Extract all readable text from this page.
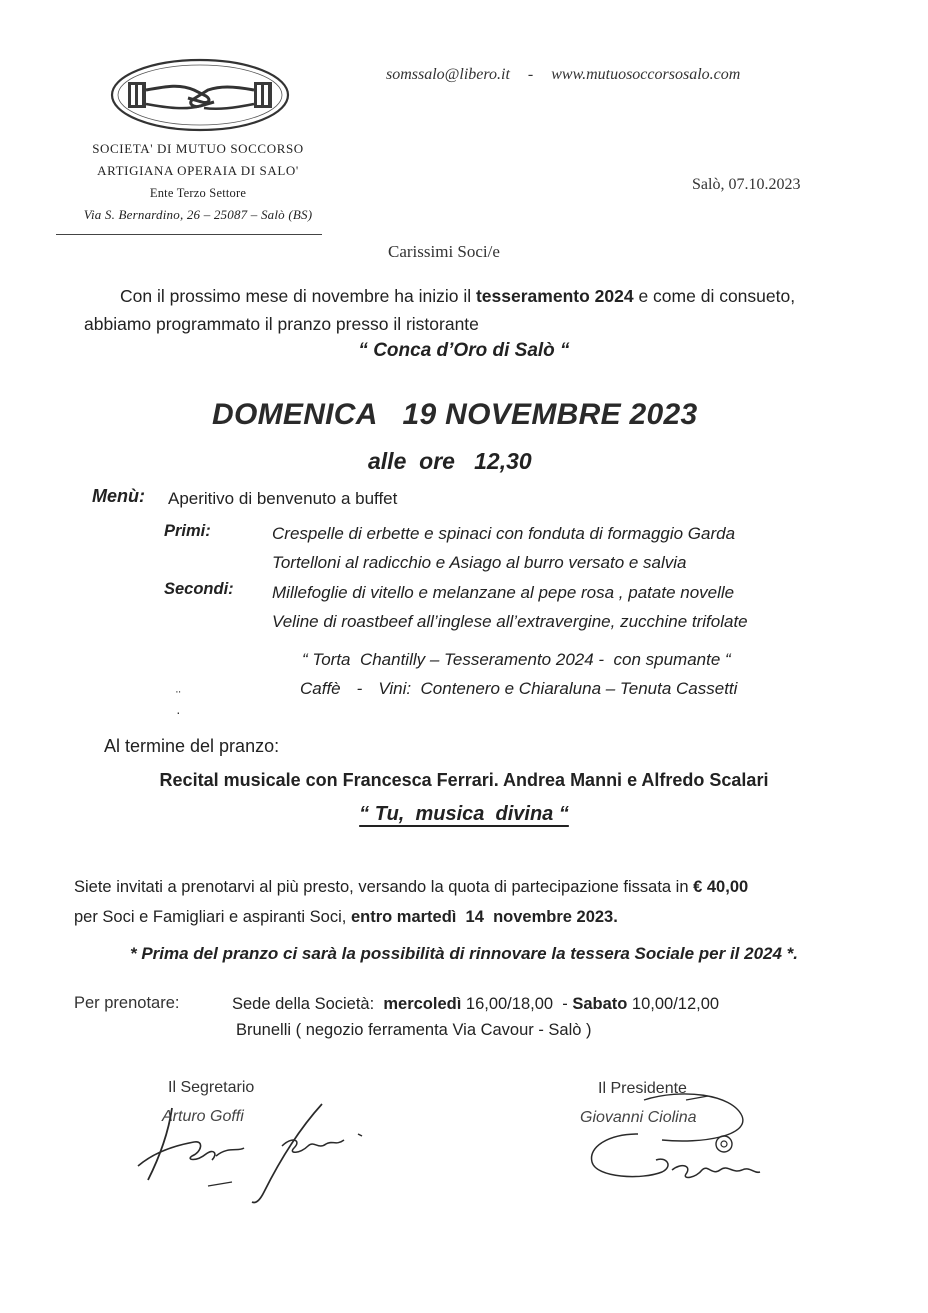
somssalo@libero.it - www.mutuosoccorsosalo.com
SOCIETA' DI MUTUO SOCCORSO
ARTIGIANA OPERAIA DI SALO'
Ente Terzo Settore
Via S. Bernardino, 26 – 25087 – Salò (BS)
Salò, 07.10.2023
Carissimi Soci/e
Con il prossimo mese di novembre ha inizio il tesseramento 2024 e come di consueto,
abbiamo programmato il pranzo presso il ristorante
“ Conca d’Oro di Salò “
DOMENICA   19 NOVEMBRE 2023
alle  ore   12,30
Menù: Aperitivo di benvenuto a buffet
Primi:	Crespelle di erbette e spinaci con fonduta di formaggio Garda
Tortelloni al radicchio e Asiago al burro versato e salvia
Secondi: Millefoglie di vitello e melanzane al pepe rosa , patate novelle
Veline di roastbeef all’inglese all’extravergine, zucchine trifolate
“ Torta  Chantilly – Tesseramento 2024 -  con spumante “
Caffè - Vini:  Contenero e Chiaraluna – Tenuta Cassetti
¨

·
Al termine del pranzo:
Recital musicale con Francesca Ferrari. Andrea Manni e Alfredo Scalari
“ Tu,  musica  divina “
Siete invitati a prenotarvi al più presto, versando la quota di partecipazione fissata in € 40,00
per Soci e Famigliari e aspiranti Soci, entro martedì  14  novembre 2023.
* Prima del pranzo ci sarà la possibilità di rinnovare la tessera Sociale per il 2024 *.
Per prenotare:	Sede della Società:  mercoledì 16,00/18,00  - Sabato 10,00/12,00
Brunelli ( negozio ferramenta Via Cavour - Salò )
Il Segretario
Arturo Goffi
Il Presidente
Giovanni Ciolina
